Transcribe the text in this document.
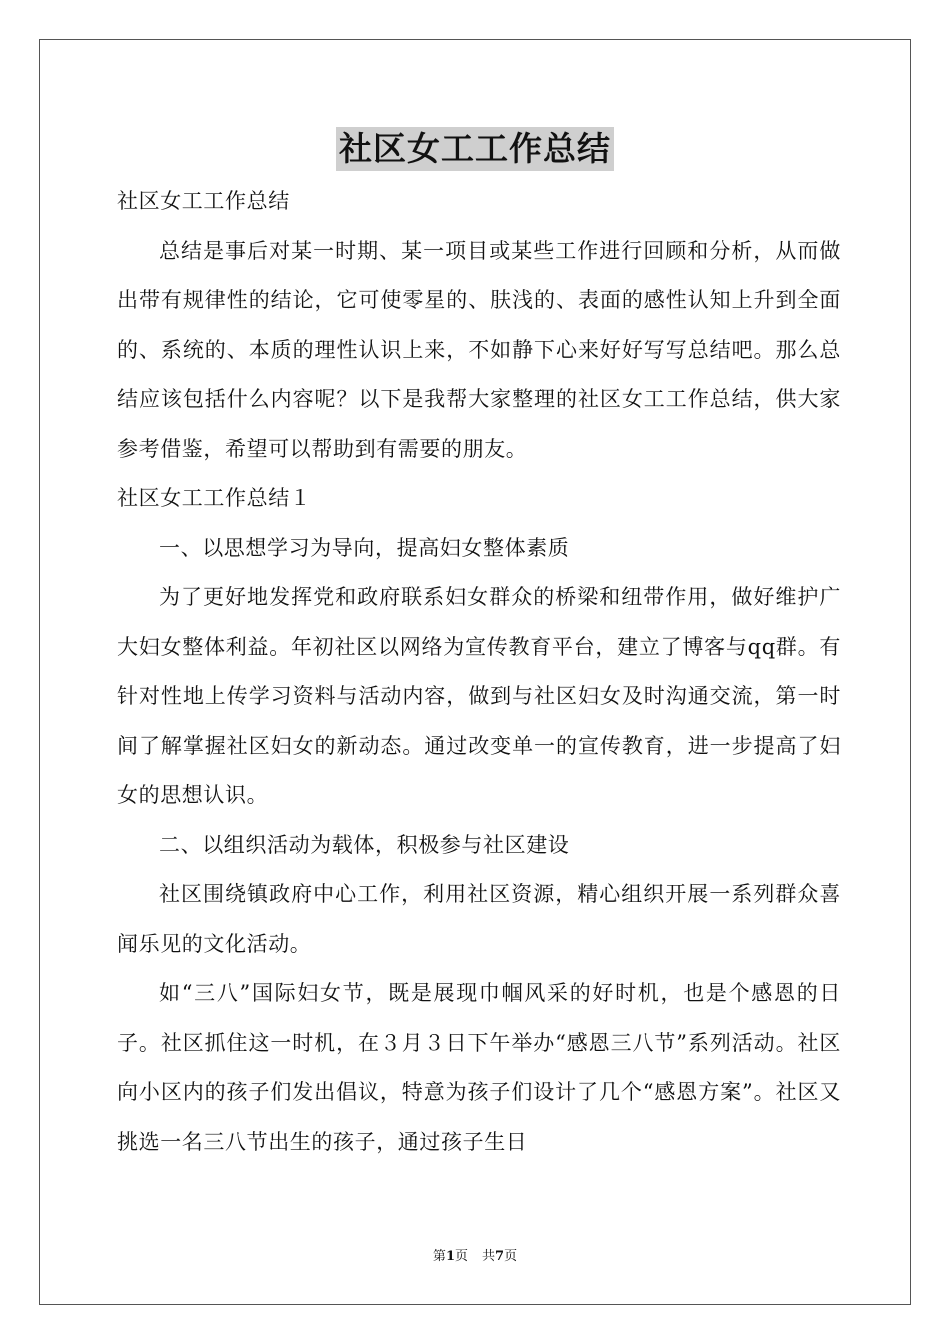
社区女工工作总结

社区女工工作总结

总结是事后对某一时期、某一项目或某些工作进行回顾和分析，从而做出带有规律性的结论，它可使零星的、肤浅的、表面的感性认知上升到全面的、系统的、本质的理性认识上来，不如静下心来好好写写总结吧。那么总结应该包括什么内容呢？以下是我帮大家整理的社区女工工作总结，供大家参考借鉴，希望可以帮助到有需要的朋友。

社区女工工作总结１

一、以思想学习为导向，提高妇女整体素质

为了更好地发挥党和政府联系妇女群众的桥梁和纽带作用，做好维护广大妇女整体利益。年初社区以网络为宣传教育平台，建立了博客与qq群。有针对性地上传学习资料与活动内容，做到与社区妇女及时沟通交流，第一时间了解掌握社区妇女的新动态。通过改变单一的宣传教育，进一步提高了妇女的思想认识。

二、以组织活动为载体，积极参与社区建设

社区围绕镇政府中心工作，利用社区资源，精心组织开展一系列群众喜闻乐见的文化活动。

如“三八”国际妇女节，既是展现巾帼风采的好时机，也是个感恩的日子。社区抓住这一时机，在３月３日下午举办“感恩三八节”系列活动。社区向小区内的孩子们发出倡议，特意为孩子们设计了几个“感恩方案”。社区又挑选一名三八节出生的孩子，通过孩子生日

第1页 共7页
